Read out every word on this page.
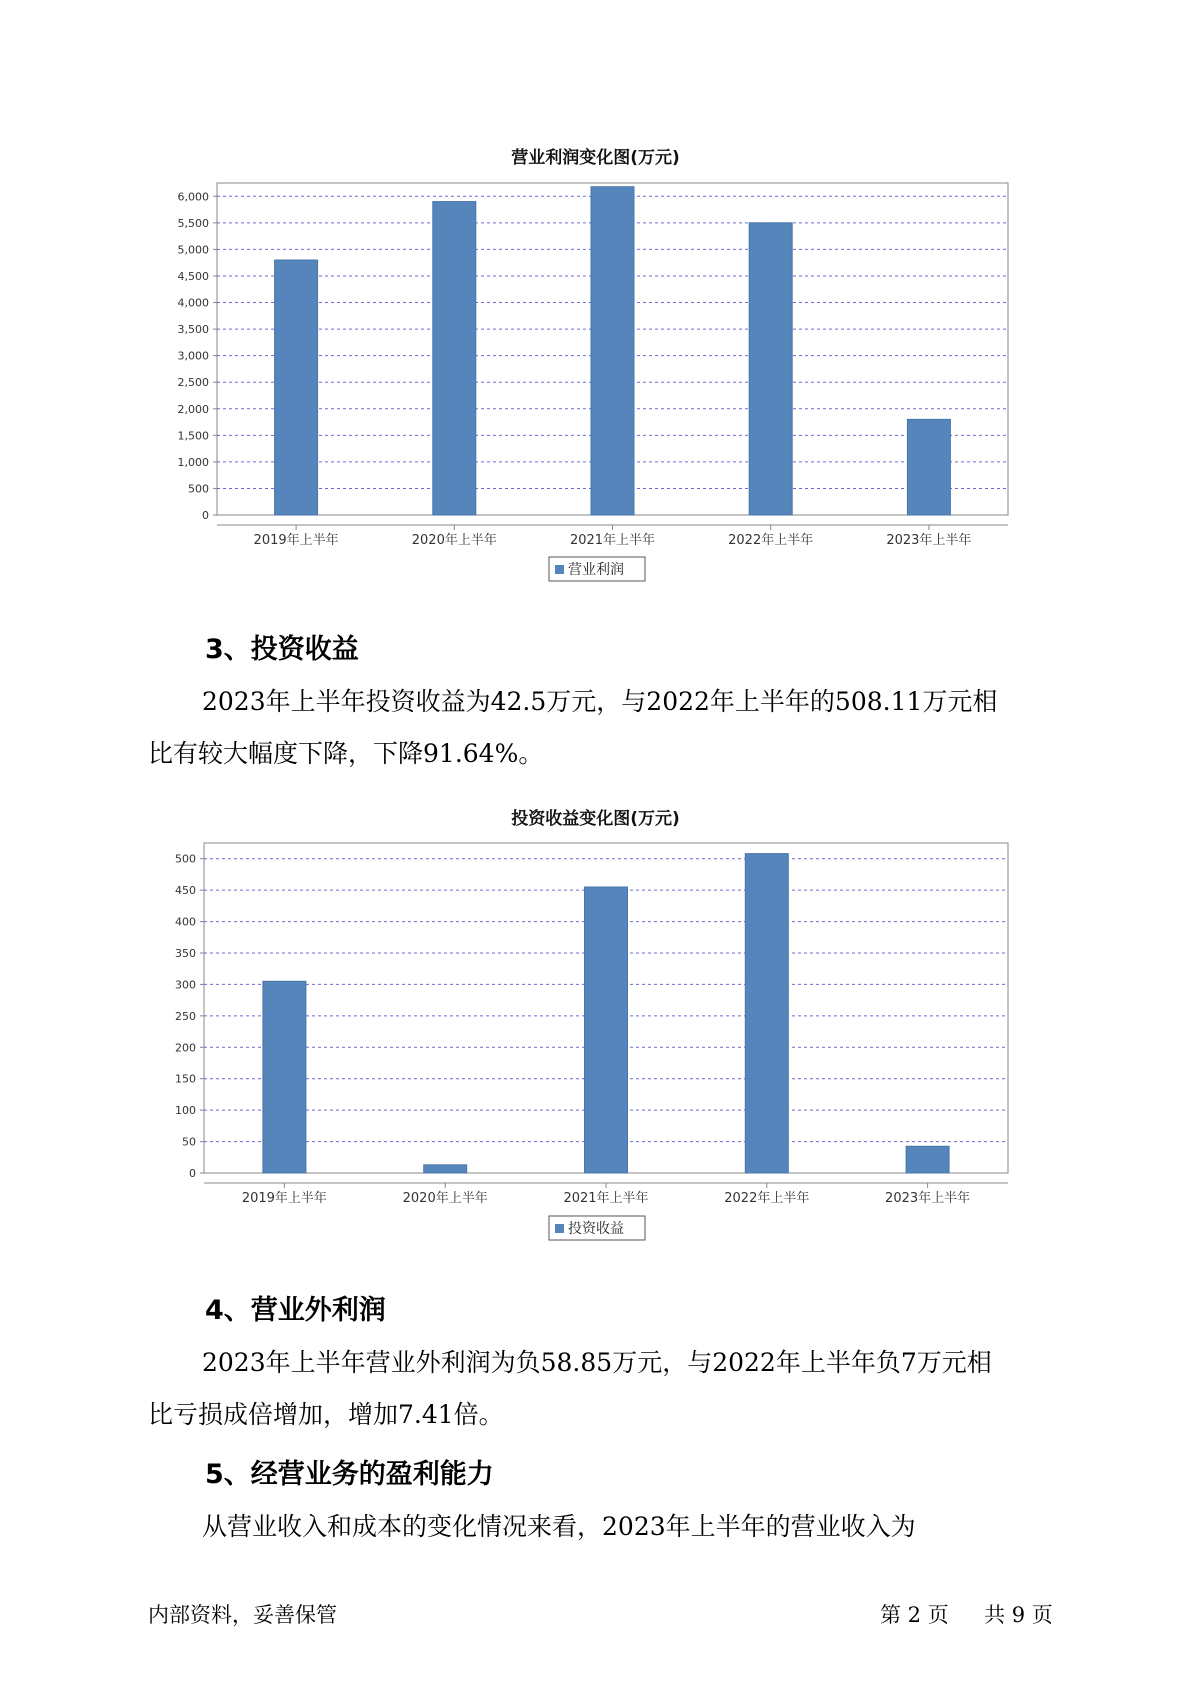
营业利润变化图(万元)
0
500
1,000
1,500
2,000
2,500
3,000
3,500
4,000
4,500
5,000
5,500
6,000
2019年上半年	2020年上半年	2021年上半年	2022年上半年	2023年上半年
营业利润
3、投资收益
2023年上半年投资收益为42.5万元，与2022年上半年的508.11万元相
比有较大幅度下降，下降91.64%。
投资收益变化图(万元)
0
50
100
150
200
250
300
350
400
450
500
2019年上半年	2020年上半年	2021年上半年	2022年上半年	2023年上半年
投资收益
4、营业外利润
2023年上半年营业外利润为负58.85万元，与2022年上半年负7万元相
比亏损成倍增加，增加7.41倍。
5、经营业务的盈利能力
从营业收入和成本的变化情况来看，2023年上半年的营业收入为
内部资料，妥善保管	第 2 页 共 9 页
